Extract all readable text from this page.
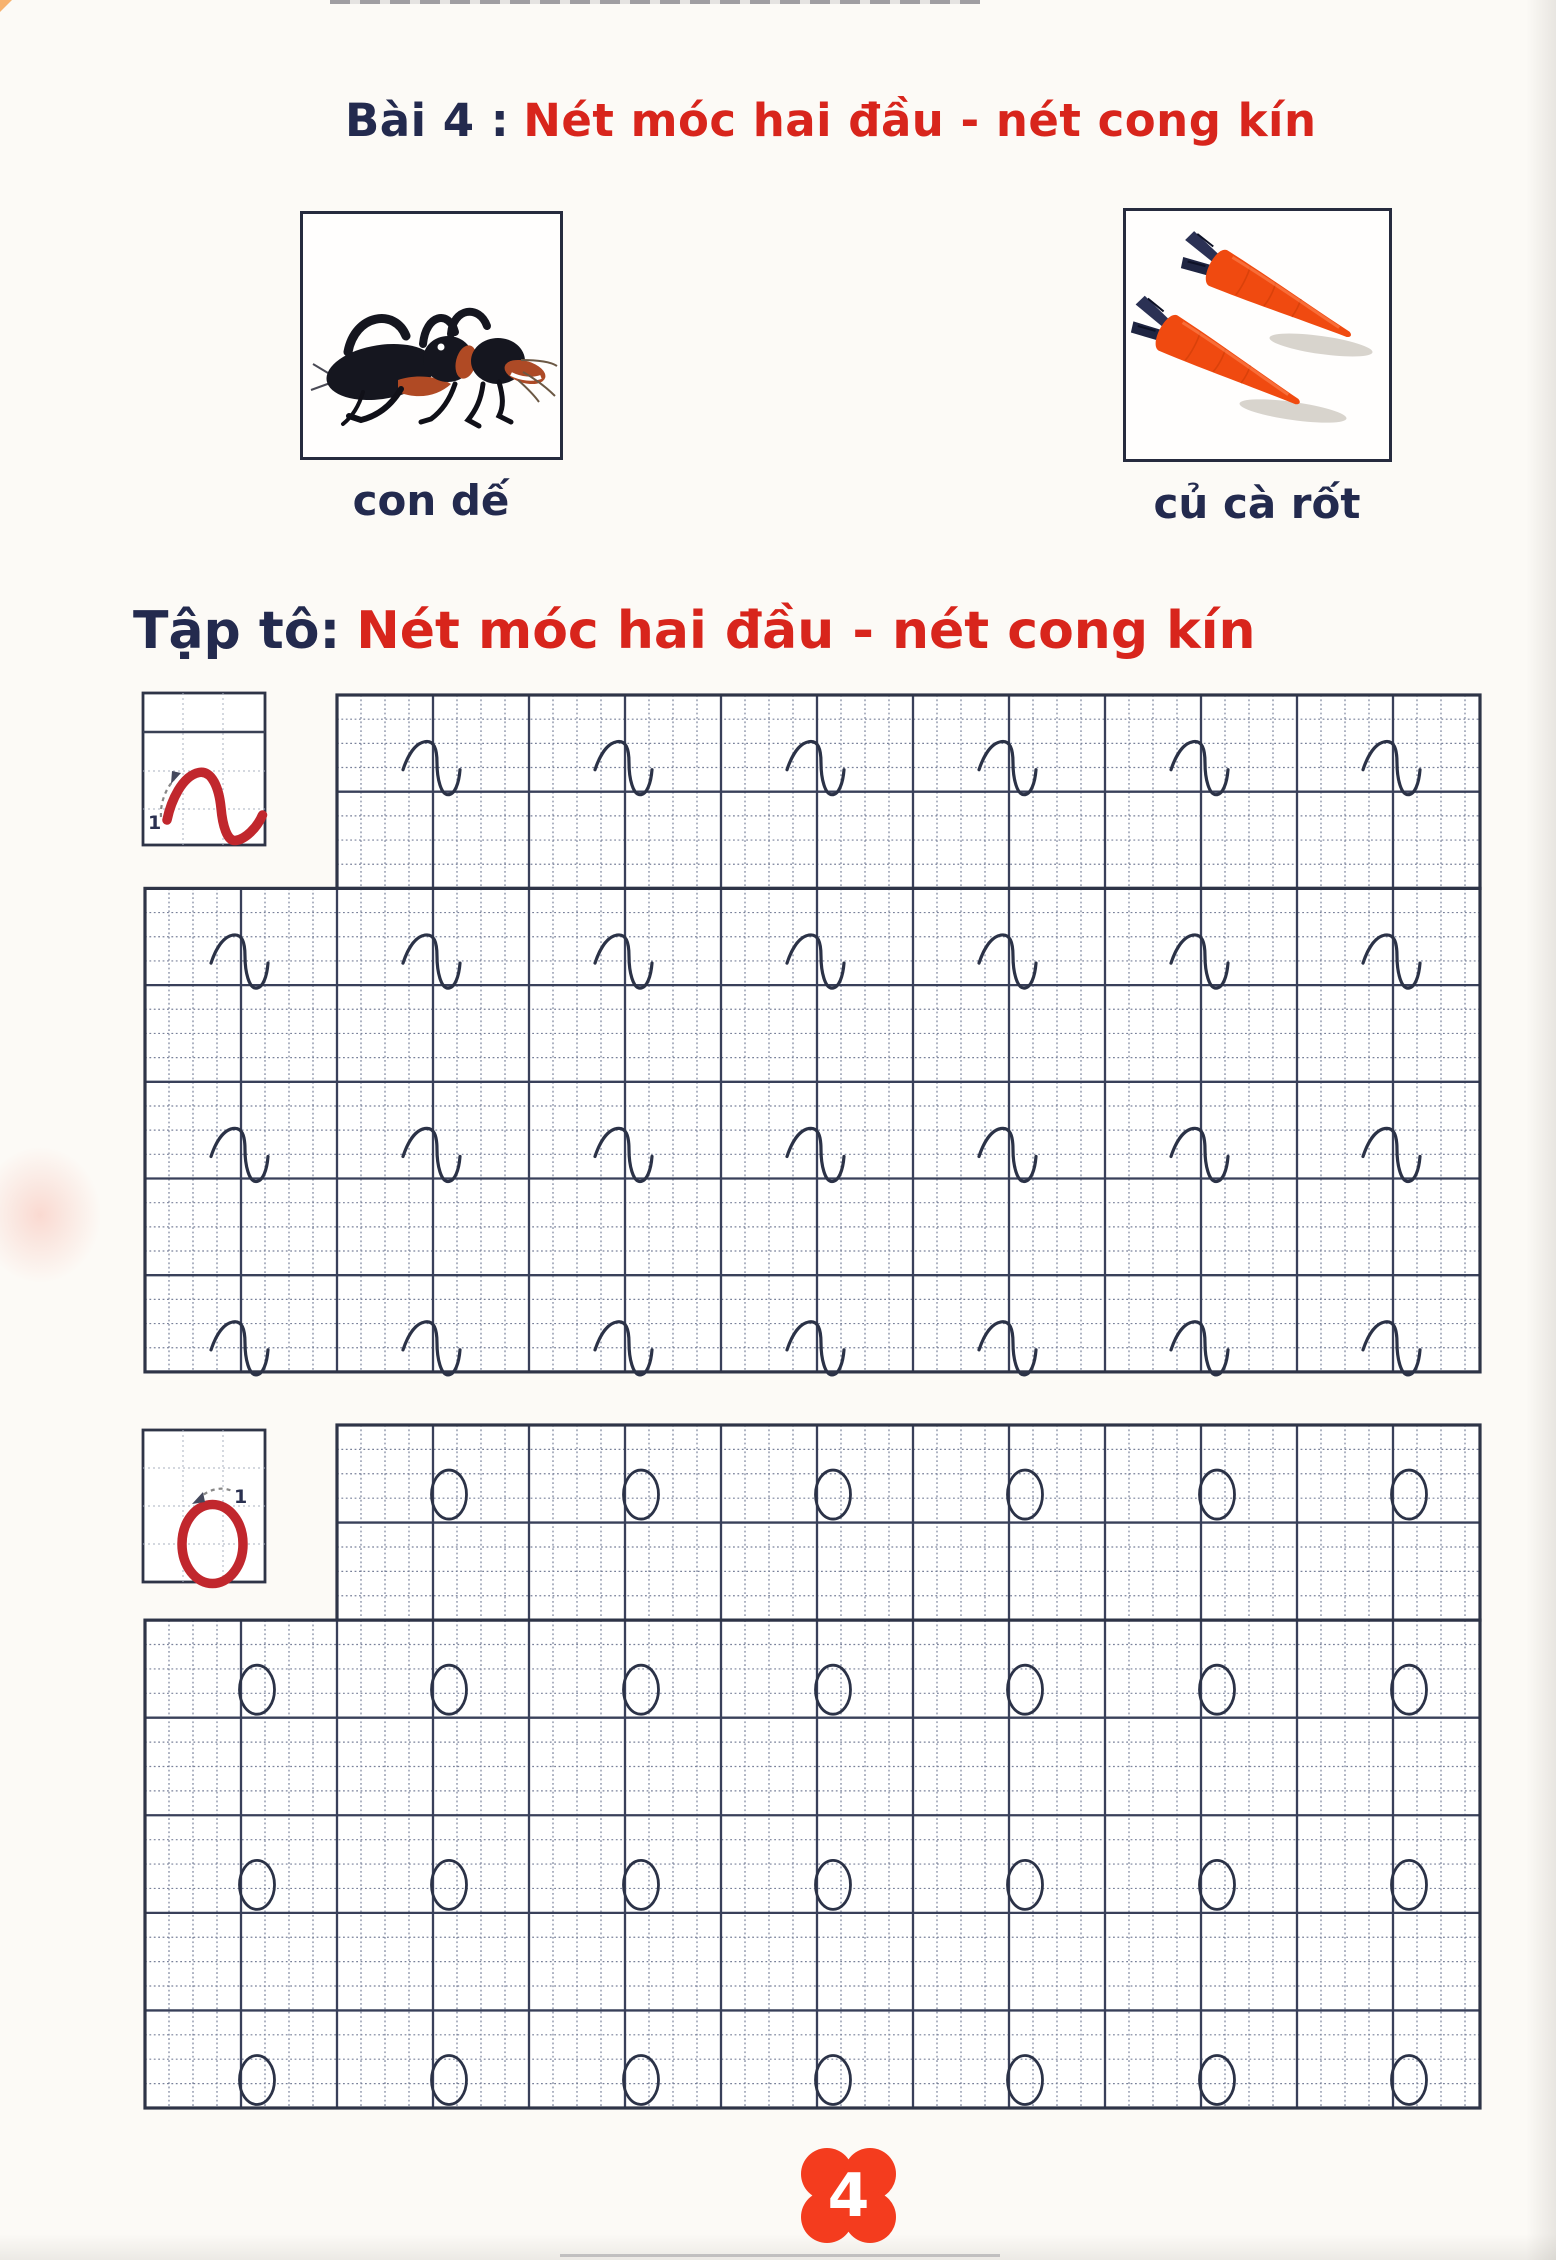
Bài 4 : Nét móc hai đầu - nét cong kín
con dế	củ cà rốt
Tập tô: Nét móc hai đầu - nét cong kín
1
1
4
